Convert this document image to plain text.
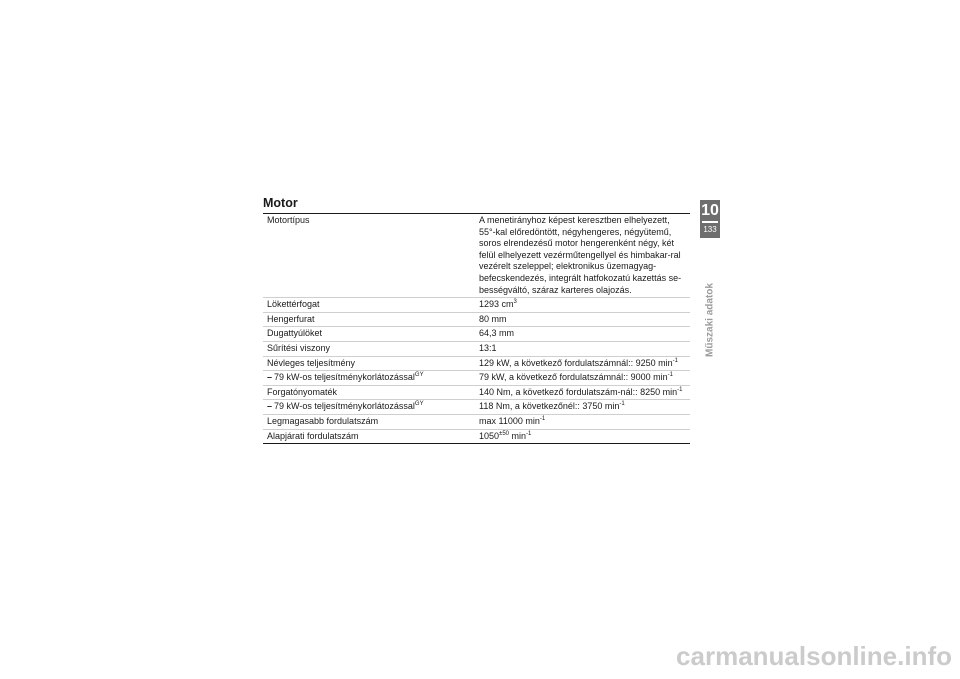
Motor
Motortípus	A menetirányhoz képest keresztben elhelyezett, 55°-kal előredöntött, négyhengeres, négyütemű, soros elrendezésű motor hengerenként négy, két felül elhelyezett vezérműtengellyel és himbakar-ral vezérelt szeleppel; elektronikus üzemagyag-befecskendezés, integrált hatfokozatú kazettás se-bességváltó, száraz karteres olajozás.
Lökettérfogat	1293 $cm^3$
Hengerfurat	80 mm
Dugattyúlöket	64,3 mm
Sűrítési viszony	13:1
Névleges teljesítmény	129 kW, a következő fordulatszámnál:: 9250 $\min^{-1}$
– 79 kW-os teljesítménykorlátozással$^{GY}$	79 kW, a következő fordulatszámnál:: 9000 $\min^{-1}$
Forgatónyomaték	140 Nm, a következő fordulatszám-nál:: 8250 $\min^{-1}$
– 79 kW-os teljesítménykorlátozással$^{GY}$	118 Nm, a következőnél:: 3750 $\min^{-1}$
Legmagasabb fordulatszám	max 11000 $\min^{-1}$
Alapjárati fordulatszám	$1050^{\pm 50}$ $\min^{-1}$
10
133
Műszaki adatok
carmanualsonline.info
